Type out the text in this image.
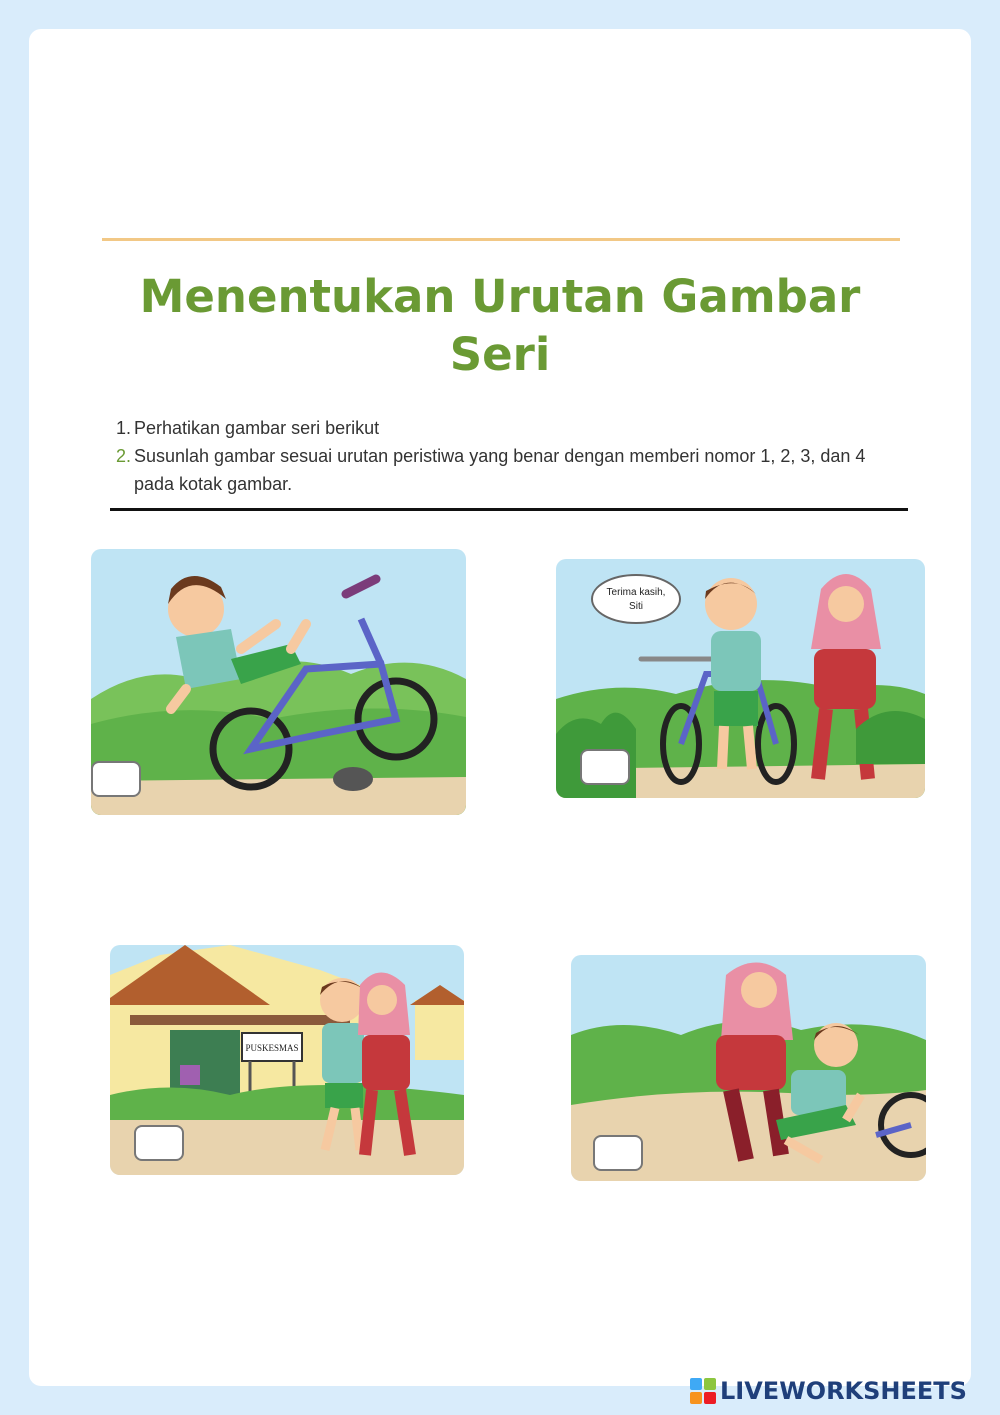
Menentukan Urutan Gambar Seri
1. Perhatikan gambar seri berikut
2. Susunlah gambar sesuai urutan peristiwa yang benar dengan memberi nomor 1, 2, 3, dan 4 pada kotak gambar.
Terima kasih,
Siti
PUSKESMAS
LIVEWORKSHEETS
